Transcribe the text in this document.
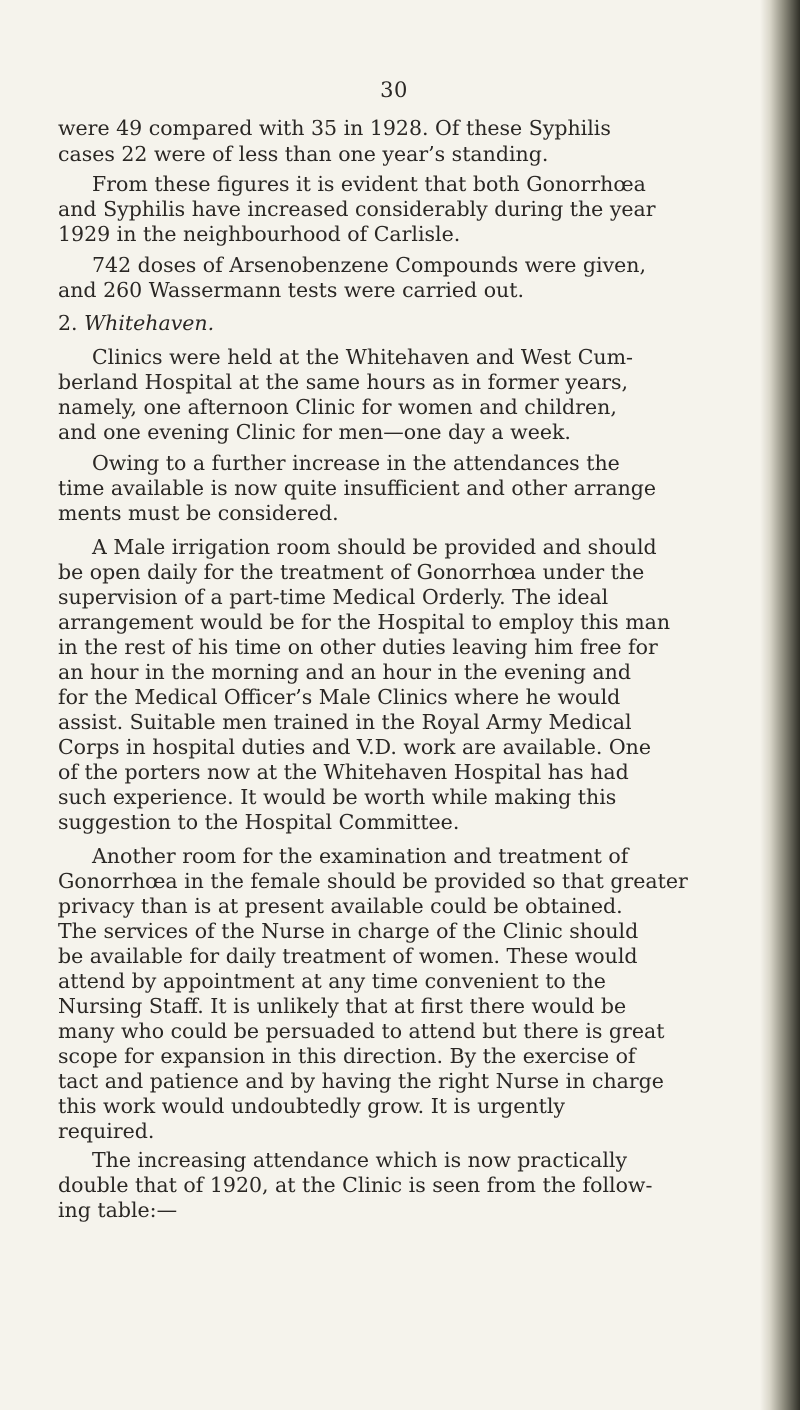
30
were 49 compared with 35 in 1928. Of these Syphilis
cases 22 were of less than one year’s standing.
From these figures it is evident that both Gonorrhœa
and Syphilis have increased considerably during the year
1929 in the neighbourhood of Carlisle.
742 doses of Arsenobenzene Compounds were given,
and 260 Wassermann tests were carried out.
2. Whitehaven.
Clinics were held at the Whitehaven and West Cum-
berland Hospital at the same hours as in former years,
namely, one afternoon Clinic for women and children,
and one evening Clinic for men—one day a week.
Owing to a further increase in the attendances the
time available is now quite insufficient and other arrange
ments must be considered.
A Male irrigation room should be provided and should
be open daily for the treatment of Gonorrhœa under the
supervision of a part-time Medical Orderly. The ideal
arrangement would be for the Hospital to employ this man
in the rest of his time on other duties leaving him free for
an hour in the morning and an hour in the evening and
for the Medical Officer’s Male Clinics where he would
assist. Suitable men trained in the Royal Army Medical
Corps in hospital duties and V.D. work are available. One
of the porters now at the Whitehaven Hospital has had
such experience. It would be worth while making this
suggestion to the Hospital Committee.
Another room for the examination and treatment of
Gonorrhœa in the female should be provided so that greater
privacy than is at present available could be obtained.
The services of the Nurse in charge of the Clinic should
be available for daily treatment of women. These would
attend by appointment at any time convenient to the
Nursing Staff. It is unlikely that at first there would be
many who could be persuaded to attend but there is great
scope for expansion in this direction. By the exercise of
tact and patience and by having the right Nurse in charge
this work would undoubtedly grow. It is urgently
required.
The increasing attendance which is now practically
double that of 1920, at the Clinic is seen from the follow-
ing table:—
